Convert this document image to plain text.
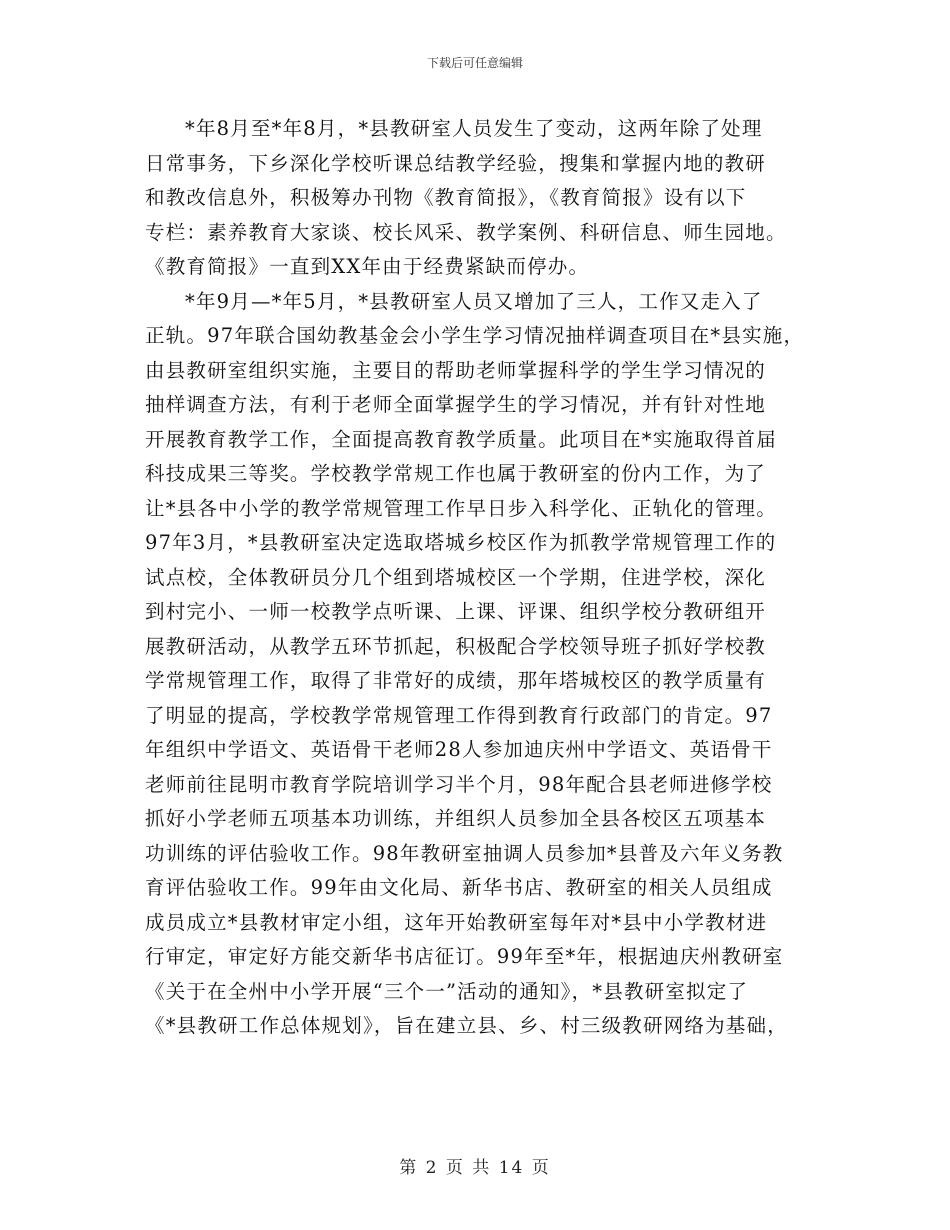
下载后可任意编辑
*年8月至*年8月，*县教研室人员发生了变动，这两年除了处理
日常事务，下乡深化学校听课总结教学经验，搜集和掌握内地的教研
和教改信息外，积极筹办刊物《教育简报》，《教育简报》设有以下
专栏：素养教育大家谈、校长风采、教学案例、科研信息、师生园地。
《教育简报》一直到XX年由于经费紧缺而停办。
*年9月—*年5月，*县教研室人员又增加了三人，工作又走入了
正轨。97年联合国幼教基金会小学生学习情况抽样调查项目在*县实施，
由县教研室组织实施，主要目的帮助老师掌握科学的学生学习情况的
抽样调查方法，有利于老师全面掌握学生的学习情况，并有针对性地
开展教育教学工作，全面提高教育教学质量。此项目在*实施取得首届
科技成果三等奖。学校教学常规工作也属于教研室的份内工作，为了
让*县各中小学的教学常规管理工作早日步入科学化、正轨化的管理。
97年3月，*县教研室决定选取塔城乡校区作为抓教学常规管理工作的
试点校，全体教研员分几个组到塔城校区一个学期，住进学校，深化
到村完小、一师一校教学点听课、上课、评课、组织学校分教研组开
展教研活动，从教学五环节抓起，积极配合学校领导班子抓好学校教
学常规管理工作，取得了非常好的成绩，那年塔城校区的教学质量有
了明显的提高，学校教学常规管理工作得到教育行政部门的肯定。97
年组织中学语文、英语骨干老师28人参加迪庆州中学语文、英语骨干
老师前往昆明市教育学院培训学习半个月，98年配合县老师进修学校
抓好小学老师五项基本功训练，并组织人员参加全县各校区五项基本
功训练的评估验收工作。98年教研室抽调人员参加*县普及六年义务教
育评估验收工作。99年由文化局、新华书店、教研室的相关人员组成
成员成立*县教材审定小组，这年开始教研室每年对*县中小学教材进
行审定，审定好方能交新华书店征订。99年至*年，根据迪庆州教研室
《关于在全州中小学开展“三个一”活动的通知》，*县教研室拟定了
《*县教研工作总体规划》，旨在建立县、乡、村三级教研网络为基础，
第 2 页 共 14 页
